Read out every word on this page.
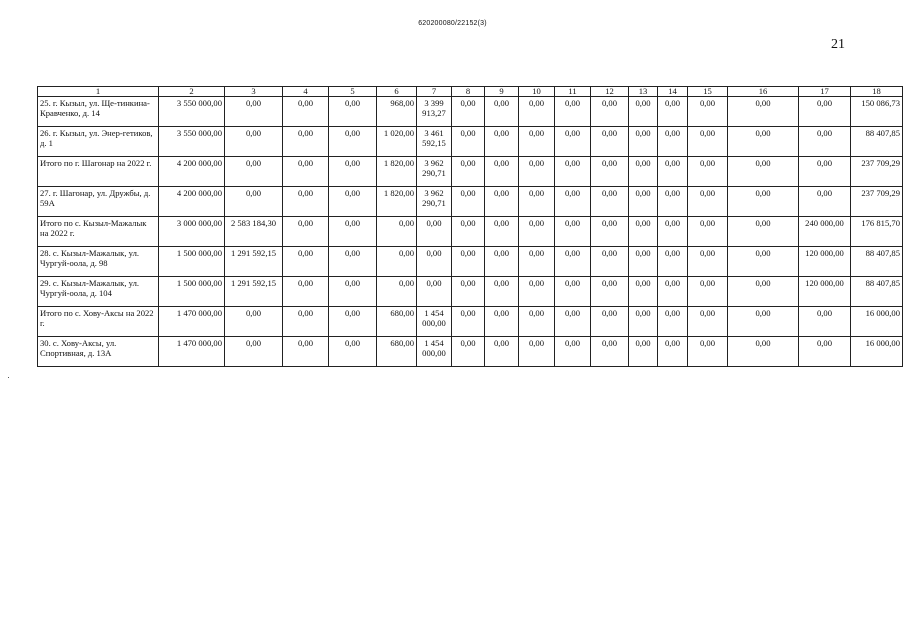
620200080/22152(3)
21
1	2	3	4	5	6	7	8	9	10	11	12	13	14	15	16	17	18
25. г. Кызыл, ул. Ще-тинкина-Кравченко, д. 14	3 550 000,00	0,00	0,00	0,00	968,00	3 399 913,27	0,00	0,00	0,00	0,00	0,00	0,00	0,00	0,00	0,00	0,00	150 086,73
26. г. Кызыл, ул. Энер-гетиков, д. 1	3 550 000,00	0,00	0,00	0,00	1 020,00	3 461 592,15	0,00	0,00	0,00	0,00	0,00	0,00	0,00	0,00	0,00	0,00	88 407,85
Итого по г. Шагонар на 2022 г.	4 200 000,00	0,00	0,00	0,00	1 820,00	3 962 290,71	0,00	0,00	0,00	0,00	0,00	0,00	0,00	0,00	0,00	0,00	237 709,29
27. г. Шагонар, ул. Дружбы, д. 59А	4 200 000,00	0,00	0,00	0,00	1 820,00	3 962 290,71	0,00	0,00	0,00	0,00	0,00	0,00	0,00	0,00	0,00	0,00	237 709,29
Итого по с. Кызыл-Мажалык на 2022 г.	3 000 000,00	2 583 184,30	0,00	0,00	0,00	0,00	0,00	0,00	0,00	0,00	0,00	0,00	0,00	0,00	0,00	240 000,00	176 815,70
28. с. Кызыл-Мажалык, ул. Чургуй-оола, д. 98	1 500 000,00	1 291 592,15	0,00	0,00	0,00	0,00	0,00	0,00	0,00	0,00	0,00	0,00	0,00	0,00	0,00	120 000,00	88 407,85
29. с. Кызыл-Мажалык, ул. Чургуй-оола, д. 104	1 500 000,00	1 291 592,15	0,00	0,00	0,00	0,00	0,00	0,00	0,00	0,00	0,00	0,00	0,00	0,00	0,00	120 000,00	88 407,85
Итого по с. Хову-Аксы на 2022 г.	1 470 000,00	0,00	0,00	0,00	680,00	1 454 000,00	0,00	0,00	0,00	0,00	0,00	0,00	0,00	0,00	0,00	0,00	16 000,00
30. с. Хову-Аксы, ул. Спортивная, д. 13А	1 470 000,00	0,00	0,00	0,00	680,00	1 454 000,00	0,00	0,00	0,00	0,00	0,00	0,00	0,00	0,00	0,00	0,00	16 000,00
